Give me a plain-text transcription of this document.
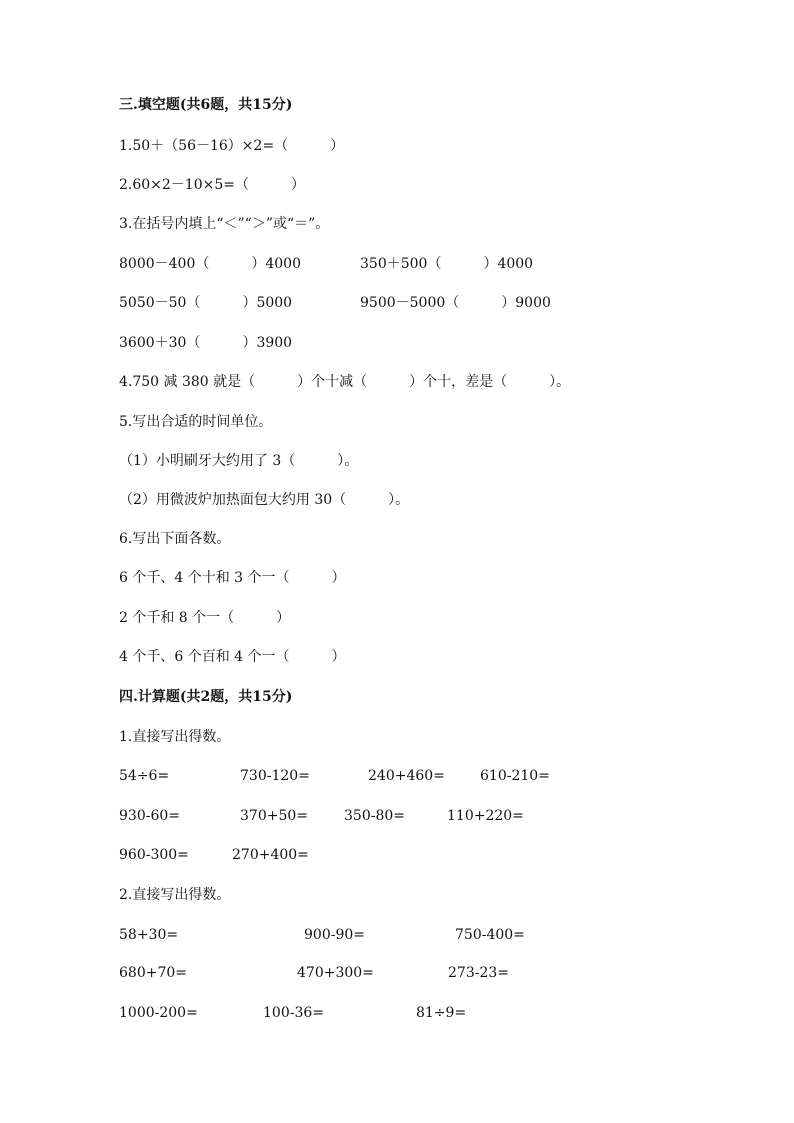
三.填空题(共6题，共15分)
1.50＋（56－16）×2=（　　　）
2.60×2－10×5=（　　　）
3.在括号内填上“＜”“＞”或“＝”。
8000－400（　　　）4000	350＋500（　　　）4000
5050－50（　　　）5000	9500－5000（　　　）9000
3600＋30（　　　）3900
4.750 减 380 就是（　　　）个十减（　　　）个十，差是（　　　）。
5.写出合适的时间单位。
（1）小明刷牙大约用了 3（　　　）。
（2）用微波炉加热面包大约用 30（　　　）。
6.写出下面各数。
6 个千、4 个十和 3 个一（　　　）
2 个千和 8 个一（　　　）
4 个千、6 个百和 4 个一（　　　）
四.计算题(共2题，共15分)
1.直接写出得数。
54÷6=	730-120=	240+460=	610-210=
930-60=	370+50=	350-80=	110+220=
960-300=	270+400=
2.直接写出得数。
58+30=	900-90=	750-400=
680+70=	470+300=	273-23=
1000-200=	100-36=	81÷9=
